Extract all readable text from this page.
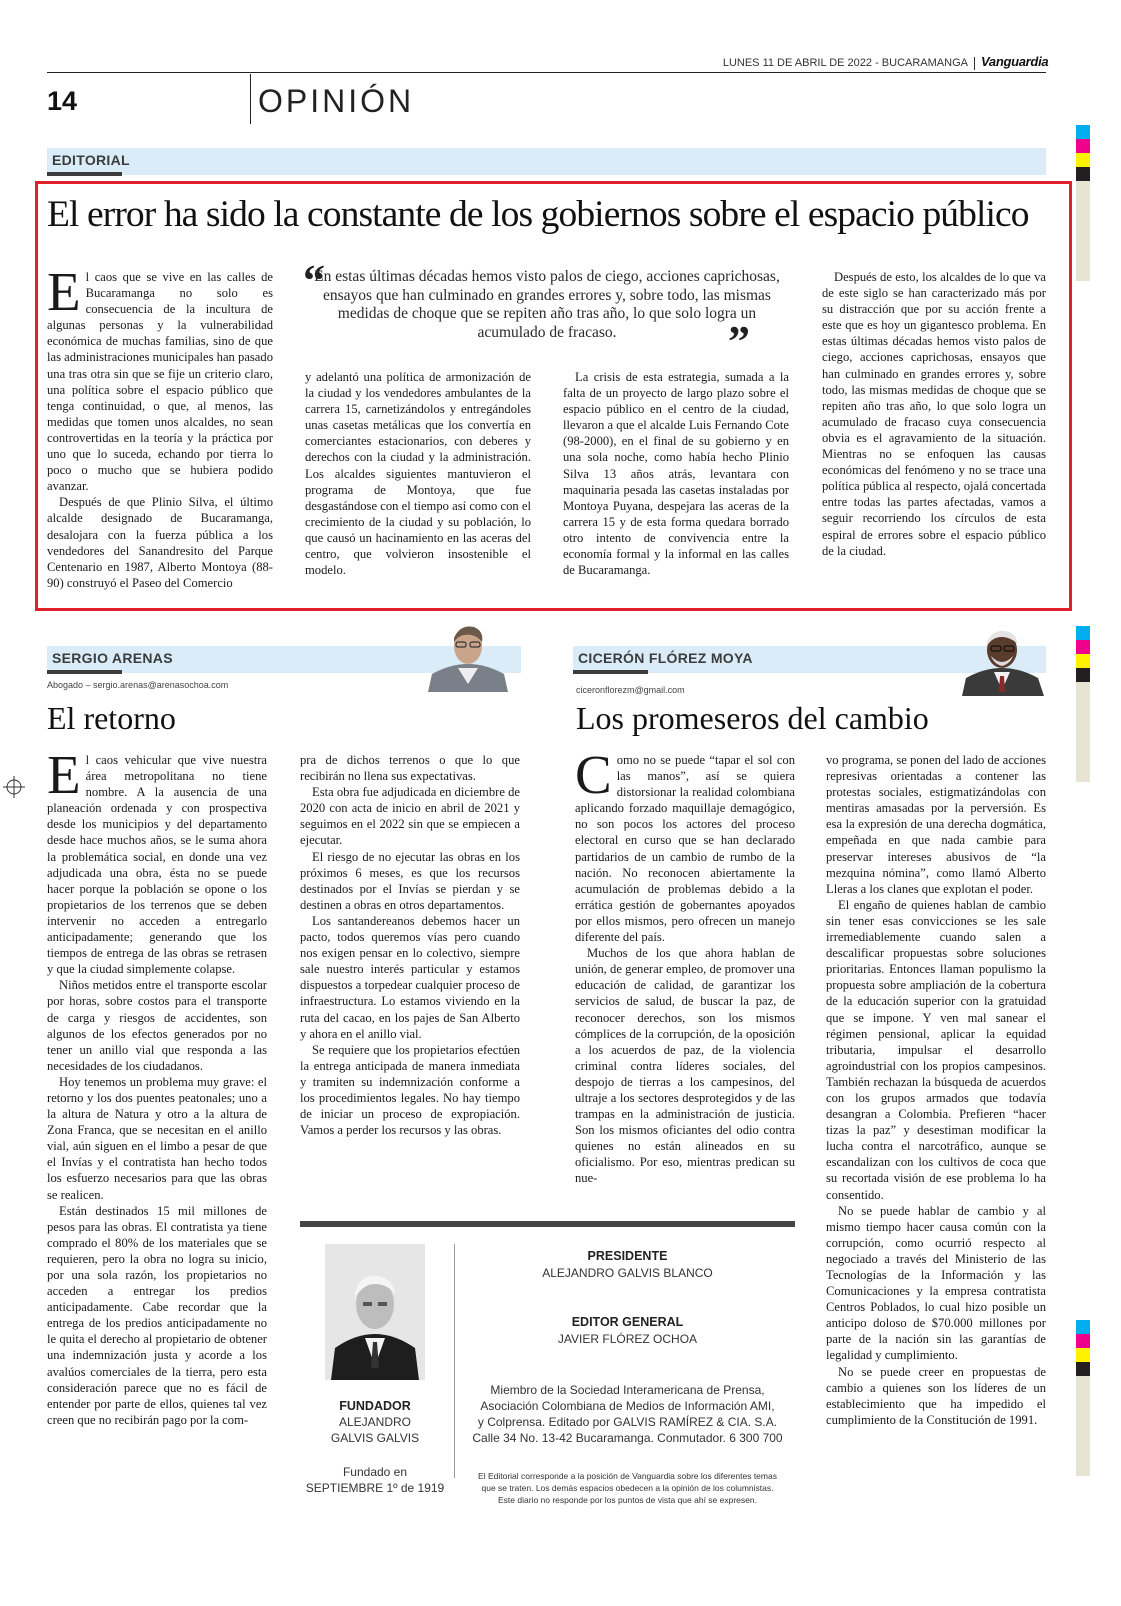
LUNES 11 DE ABRIL DE 2022 - BUCARAMANGA Vanguardia
14	OPINIÓN
EDITORIAL
El error ha sido la constante de los gobiernos sobre el espacio público

El caos que se vive en las calles de Bucaramanga no solo es consecuencia de la incultura de algunas personas y la vulnerabilidad económica de muchas familias, sino de que las administraciones municipales han pasado una tras otra sin que se fije un criterio claro, una política sobre el espacio público que tenga continuidad, o que, al menos, las medidas que tomen unos alcaldes, no sean controvertidas en la teoría y la práctica por uno que lo suceda, echando por tierra lo poco o mucho que se hubiera podido avanzar.

Después de que Plinio Silva, el último alcalde designado de Bucaramanga, desalojara con la fuerza pública a los vendedores del Sanandresito del Parque Centenario en 1987, Alberto Montoya (88-90) construyó el Paseo del Comercio

“
En estas últimas décadas hemos visto palos de ciego, acciones caprichosas, ensayos que han culminado en grandes errores y, sobre todo, las mismas medidas de choque que se repiten año tras año, lo que solo logra un acumulado de fracaso.	”

y adelantó una política de armonización de la ciudad y los vendedores ambulantes de la carrera 15, carnetizándolos y entregándoles unas casetas metálicas que los convertía en comerciantes estacionarios, con deberes y derechos con la ciudad y la administración. Los alcaldes siguientes mantuvieron el programa de Montoya, que fue desgastándose con el tiempo así como con el crecimiento de la ciudad y su población, lo que causó un hacinamiento en las aceras del centro, que volvieron insostenible el modelo.

La crisis de esta estrategia, sumada a la falta de un proyecto de largo plazo sobre el espacio público en el centro de la ciudad, llevaron a que el alcalde Luis Fernando Cote (98-2000), en el final de su gobierno y en una sola noche, como había hecho Plinio Silva 13 años atrás, levantara con maquinaria pesada las casetas instaladas por Montoya Puyana, despejara las aceras de la carrera 15 y de esta forma quedara borrado otro intento de convivencia entre la economía formal y la informal en las calles de Bucaramanga.

Después de esto, los alcaldes de lo que va de este siglo se han caracterizado más por su distracción que por su acción frente a este que es hoy un gigantesco problema. En estas últimas décadas hemos visto palos de ciego, acciones caprichosas, ensayos que han culminado en grandes errores y, sobre todo, las mismas medidas de choque que se repiten año tras año, lo que solo logra un acumulado de fracaso cuya consecuencia obvia es el agravamiento de la situación. Mientras no se enfoquen las causas económicas del fenómeno y no se trace una política pública al respecto, ojalá concertada entre todas las partes afectadas, vamos a seguir recorriendo los círculos de esta espiral de errores sobre el espacio público de la ciudad.

SERGIO ARENAS
Abogado – sergio.arenas@arenasochoa.com
El retorno

El caos vehicular que vive nuestra área metropolitana no tiene nombre. A la ausencia de una planeación ordenada y con prospectiva desde los municipios y del departamento desde hace muchos años, se le suma ahora la problemática social, en donde una vez adjudicada una obra, ésta no se puede hacer porque la población se opone o los propietarios de los terrenos que se deben intervenir no acceden a entregarlo anticipadamente; generando que los tiempos de entrega de las obras se retrasen y que la ciudad simplemente colapse.

Niños metidos entre el transporte escolar por horas, sobre costos para el transporte de carga y riesgos de accidentes, son algunos de los efectos generados por no tener un anillo vial que responda a las necesidades de los ciudadanos.

Hoy tenemos un problema muy grave: el retorno y los dos puentes peatonales; uno a la altura de Natura y otro a la altura de Zona Franca, que se necesitan en el anillo vial, aún siguen en el limbo a pesar de que el Invías y el contratista han hecho todos los esfuerzo necesarios para que las obras se realicen.

Están destinados 15 mil millones de pesos para las obras. El contratista ya tiene comprado el 80% de los materiales que se requieren, pero la obra no logra su inicio, por una sola razón, los propietarios no acceden a entregar los predios anticipadamente. Cabe recordar que la entrega de los predios anticipadamente no le quita el derecho al propietario de obtener una indemnización justa y acorde a los avalúos comerciales de la tierra, pero esta consideración parece que no es fácil de entender por parte de ellos, quienes tal vez creen que no recibirán pago por la com-

pra de dichos terrenos o que lo que recibirán no llena sus expectativas.

Esta obra fue adjudicada en diciembre de 2020 con acta de inicio en abril de 2021 y seguimos en el 2022 sin que se empiecen a ejecutar.

El riesgo de no ejecutar las obras en los próximos 6 meses, es que los recursos destinados por el Invías se pierdan y se destinen a obras en otros departamentos.

Los santandereanos debemos hacer un pacto, todos queremos vías pero cuando nos exigen pensar en lo colectivo, siempre sale nuestro interés particular y estamos dispuestos a torpedear cualquier proceso de infraestructura. Lo estamos viviendo en la ruta del cacao, en los pajes de San Alberto y ahora en el anillo vial.

Se requiere que los propietarios efectúen la entrega anticipada de manera inmediata y tramiten su indemnización conforme a los procedimientos legales. No hay tiempo de iniciar un proceso de expropiación. Vamos a perder los recursos y las obras.

CICERÓN FLÓREZ MOYA
ciceronflorezm@gmail.com
Los promeseros del cambio

Como no se puede “tapar el sol con las manos”, así se quiera distorsionar la realidad colombiana aplicando forzado maquillaje demagógico, no son pocos los actores del proceso electoral en curso que se han declarado partidarios de un cambio de rumbo de la nación. No reconocen abiertamente la acumulación de problemas debido a la errática gestión de gobernantes apoyados por ellos mismos, pero ofrecen un manejo diferente del país.

Muchos de los que ahora hablan de unión, de generar empleo, de promover una educación de calidad, de garantizar los servicios de salud, de buscar la paz, de reconocer derechos, son los mismos cómplices de la corrupción, de la oposición a los acuerdos de paz, de la violencia criminal contra líderes sociales, del despojo de tierras a los campesinos, del ultraje a los sectores desprotegidos y de las trampas en la administración de justicia. Son los mismos oficiantes del odio contra quienes no están alineados en su oficialismo. Por eso, mientras predican su nue-

vo programa, se ponen del lado de acciones represivas orientadas a contener las protestas sociales, estigmatizándolas con mentiras amasadas por la perversión. Es esa la expresión de una derecha dogmática, empeñada en que nada cambie para preservar intereses abusivos de “la mezquina nómina”, como llamó Alberto Lleras a los clanes que explotan el poder.

El engaño de quienes hablan de cambio sin tener esas convicciones se les sale irremediablemente cuando salen a descalificar propuestas sobre soluciones prioritarias. Entonces llaman populismo la propuesta sobre ampliación de la cobertura de la educación superior con la gratuidad que se impone. Y ven mal sanear el régimen pensional, aplicar la equidad tributaria, impulsar el desarrollo agroindustrial con los propios campesinos. También rechazan la búsqueda de acuerdos con los grupos armados que todavía desangran a Colombia. Prefieren “hacer tizas la paz” y desestiman modificar la lucha contra el narcotráfico, aunque se escandalizan con los cultivos de coca que su recortada visión de ese problema lo ha consentido.

No se puede hablar de cambio y al mismo tiempo hacer causa común con la corrupción, como ocurrió respecto al negociado a través del Ministerio de las Tecnologías de la Información y las Comunicaciones y la empresa contratista Centros Poblados, lo cual hizo posible un anticipo doloso de $70.000 millones por parte de la nación sin las garantías de legalidad y cumplimiento.

No se puede creer en propuestas de cambio a quienes son los líderes de un establecimiento que ha impedido el cumplimiento de la Constitución de 1991.

FUNDADOR
ALEJANDRO
GALVIS GALVIS
Fundado en
SEPTIEMBRE 1º de 1919
PRESIDENTE
ALEJANDRO GALVIS BLANCO
EDITOR GENERAL
JAVIER FLÓREZ OCHOA
Miembro de la Sociedad Interamericana de Prensa,
Asociación Colombiana de Medios de Información AMI,
y Colprensa. Editado por GALVIS RAMÍREZ & CIA. S.A.
Calle 34 No. 13-42 Bucaramanga. Conmutador. 6 300 700
El Editorial corresponde a la posición de Vanguardia sobre los diferentes temas
que se traten. Los demás espacios obedecen a la opinión de los columnistas.
Este diario no responde por los puntos de vista que ahí se expresen.
